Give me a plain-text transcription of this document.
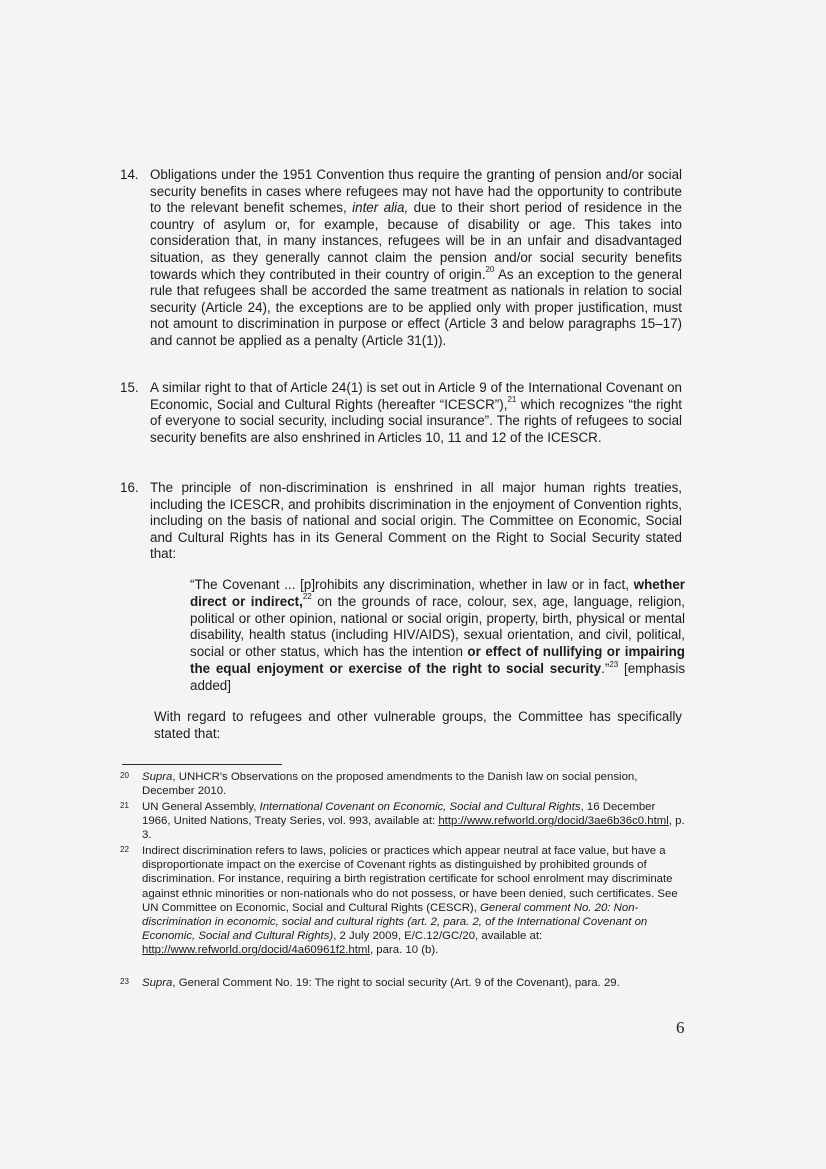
14. Obligations under the 1951 Convention thus require the granting of pension and/or social security benefits in cases where refugees may not have had the opportunity to contribute to the relevant benefit schemes, inter alia, due to their short period of residence in the country of asylum or, for example, because of disability or age. This takes into consideration that, in many instances, refugees will be in an unfair and disadvantaged situation, as they generally cannot claim the pension and/or social security benefits towards which they contributed in their country of origin.$^{20}$ As an exception to the general rule that refugees shall be accorded the same treatment as nationals in relation to social security (Article 24), the exceptions are to be applied only with proper justification, must not amount to discrimination in purpose or effect (Article 3 and below paragraphs 15–17) and cannot be applied as a penalty (Article 31(1)).
15. A similar right to that of Article 24(1) is set out in Article 9 of the International Covenant on Economic, Social and Cultural Rights (hereafter “ICESCR”),$^{21}$ which recognizes “the right of everyone to social security, including social insurance”. The rights of refugees to social security benefits are also enshrined in Articles 10, 11 and 12 of the ICESCR.
16. The principle of non-discrimination is enshrined in all major human rights treaties, including the ICESCR, and prohibits discrimination in the enjoyment of Convention rights, including on the basis of national and social origin. The Committee on Economic, Social and Cultural Rights has in its General Comment on the Right to Social Security stated that:
“The Covenant ... [p]rohibits any discrimination, whether in law or in fact, whether direct or indirect,$^{22}$ on the grounds of race, colour, sex, age, language, religion, political or other opinion, national or social origin, property, birth, physical or mental disability, health status (including HIV/AIDS), sexual orientation, and civil, political, social or other status, which has the intention or effect of nullifying or impairing the equal enjoyment or exercise of the right to social security.”$^{23}$ [emphasis added]
With regard to refugees and other vulnerable groups, the Committee has specifically stated that:
20 Supra, UNHCR's Observations on the proposed amendments to the Danish law on social pension, December 2010.
21 UN General Assembly, International Covenant on Economic, Social and Cultural Rights, 16 December 1966, United Nations, Treaty Series, vol. 993, available at: http://www.refworld.org/docid/3ae6b36c0.html, p. 3.
22 Indirect discrimination refers to laws, policies or practices which appear neutral at face value, but have a disproportionate impact on the exercise of Covenant rights as distinguished by prohibited grounds of discrimination. For instance, requiring a birth registration certificate for school enrolment may discriminate against ethnic minorities or non-nationals who do not possess, or have been denied, such certificates. See UN Committee on Economic, Social and Cultural Rights (CESCR), General comment No. 20: Non-discrimination in economic, social and cultural rights (art. 2, para. 2, of the International Covenant on Economic, Social and Cultural Rights), 2 July 2009, E/C.12/GC/20, available at: http://www.refworld.org/docid/4a60961f2.html, para. 10 (b).
23 Supra, General Comment No. 19: The right to social security (Art. 9 of the Covenant), para. 29.
6
